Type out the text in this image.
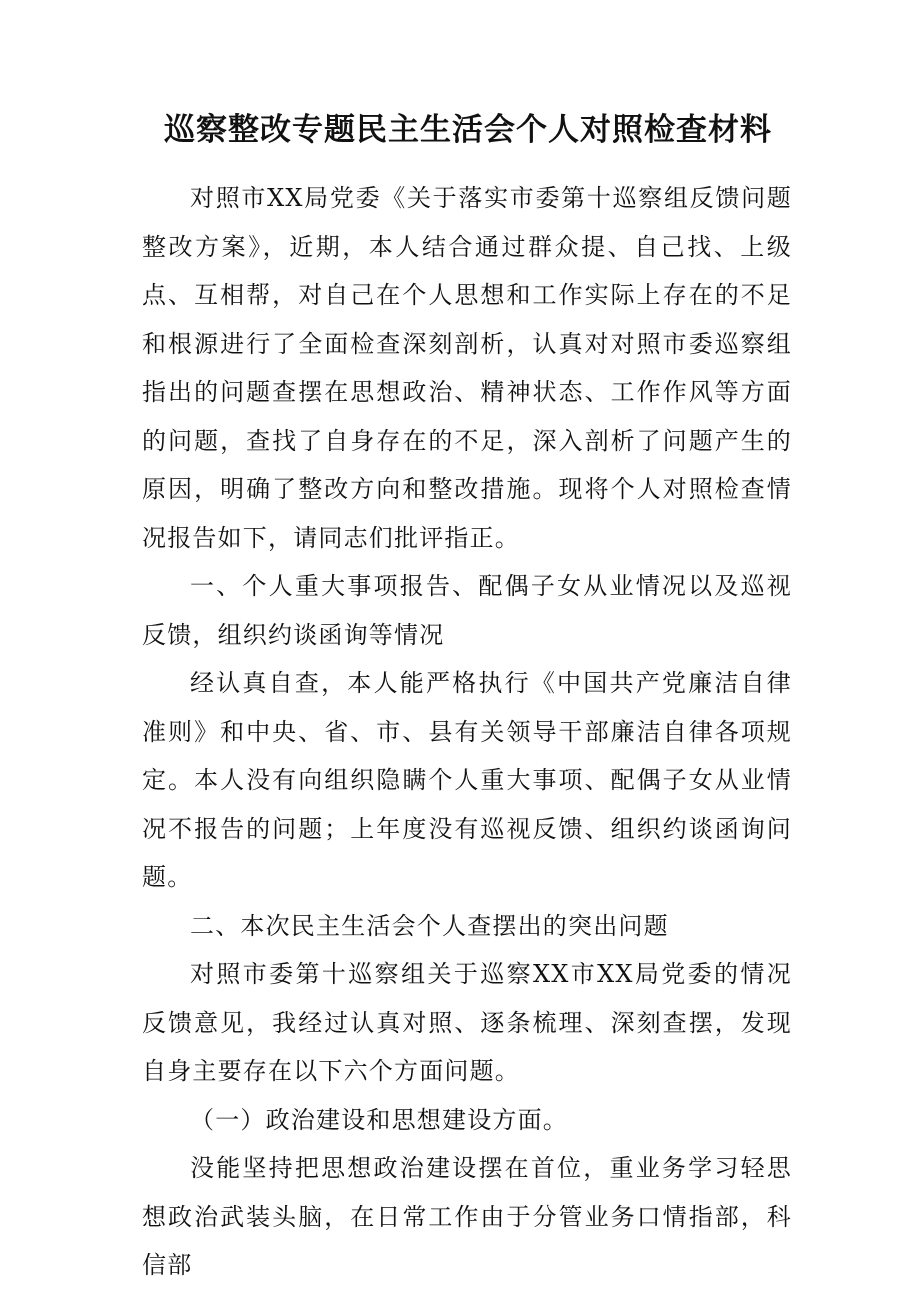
巡察整改专题民主生活会个人对照检查材料

对照市XX局党委《关于落实市委第十巡察组反馈问题整改方案》，近期，本人结合通过群众提、自己找、上级点、互相帮，对自己在个人思想和工作实际上存在的不足和根源进行了全面检查深刻剖析，认真对对照市委巡察组指出的问题查摆在思想政治、精神状态、工作作风等方面的问题，查找了自身存在的不足，深入剖析了问题产生的原因，明确了整改方向和整改措施。现将个人对照检查情况报告如下，请同志们批评指正。

一、个人重大事项报告、配偶子女从业情况以及巡视反馈，组织约谈函询等情况

经认真自查，本人能严格执行《中国共产党廉洁自律准则》和中央、省、市、县有关领导干部廉洁自律各项规定。本人没有向组织隐瞒个人重大事项、配偶子女从业情况不报告的问题；上年度没有巡视反馈、组织约谈函询问题。

二、本次民主生活会个人查摆出的突出问题

对照市委第十巡察组关于巡察XX市XX局党委的情况反馈意见，我经过认真对照、逐条梳理、深刻查摆，发现自身主要存在以下六个方面问题。

（一）政治建设和思想建设方面。

没能坚持把思想政治建设摆在首位，重业务学习轻思想政治武装头脑，在日常工作由于分管业务口情指部，科信部
